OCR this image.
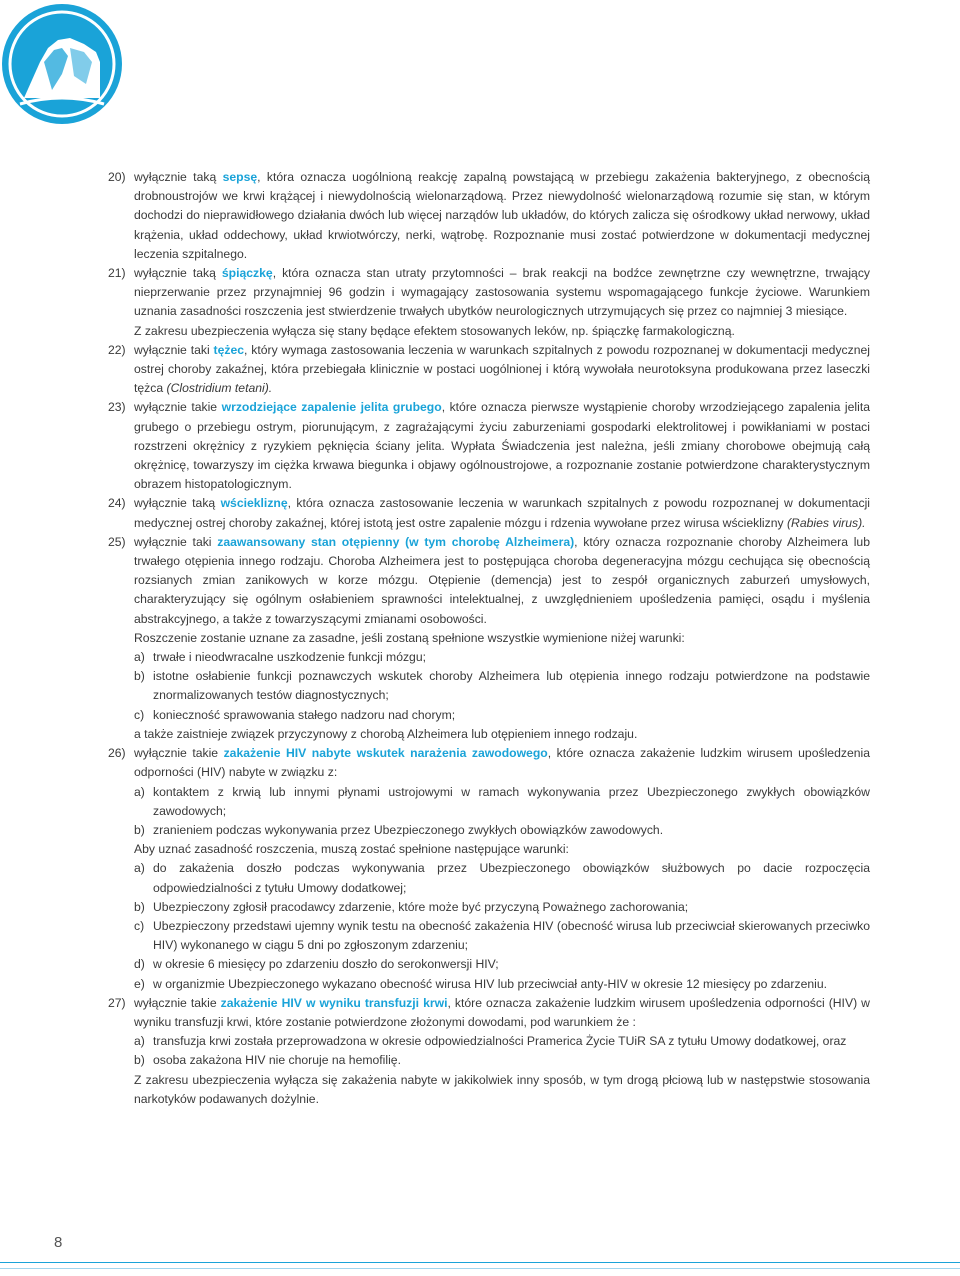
20) wyłącznie taką sepsę, która oznacza uogólnioną reakcję zapalną powstającą w przebiegu zakażenia bakteryjnego, z obecnością drobnoustrojów we krwi krążącej i niewydolnością wielonarządową. Przez niewydolność wielonarządową rozumie się stan, w którym dochodzi do nieprawidłowego działania dwóch lub więcej narządów lub układów, do których zalicza się ośrodkowy układ nerwowy, układ krążenia, układ oddechowy, układ krwiotwórczy, nerki, wątrobę. Rozpoznanie musi zostać potwierdzone w dokumentacji medycznej leczenia szpitalnego.
21) wyłącznie taką śpiączkę, która oznacza stan utraty przytomności – brak reakcji na bodźce zewnętrzne czy wewnętrzne, trwający nieprzerwanie przez przynajmniej 96 godzin i wymagający zastosowania systemu wspomagającego funkcje życiowe. Warunkiem uznania zasadności roszczenia jest stwierdzenie trwałych ubytków neurologicznych utrzymujących się przez co najmniej 3 miesiące.
Z zakresu ubezpieczenia wyłącza się stany będące efektem stosowanych leków, np. śpiączkę farmakologiczną.
22) wyłącznie taki tężec, który wymaga zastosowania leczenia w warunkach szpitalnych z powodu rozpoznanej w dokumentacji medycznej ostrej choroby zakaźnej, która przebiegała klinicznie w postaci uogólnionej i którą wywołała neurotoksyna produkowana przez laseczki tężca (Clostridium tetani).
23) wyłącznie takie wrzodziejące zapalenie jelita grubego, które oznacza pierwsze wystąpienie choroby wrzodziejącego zapalenia jelita grubego o przebiegu ostrym, piorunującym, z zagrażającymi życiu zaburzeniami gospodarki elektrolitowej i powikłaniami w postaci rozstrzeni okrężnicy z ryzykiem pęknięcia ściany jelita. Wypłata Świadczenia jest należna, jeśli zmiany chorobowe obejmują całą okrężnicę, towarzyszy im ciężka krwawa biegunka i objawy ogólnoustrojowe, a rozpoznanie zostanie potwierdzone charakterystycznym obrazem histopatologicznym.
24) wyłącznie taką wściekliznę, która oznacza zastosowanie leczenia w warunkach szpitalnych z powodu rozpoznanej w dokumentacji medycznej ostrej choroby zakaźnej, której istotą jest ostre zapalenie mózgu i rdzenia wywołane przez wirusa wścieklizny (Rabies virus).
25) wyłącznie taki zaawansowany stan otępienny (w tym chorobę Alzheimera), który oznacza rozpoznanie choroby Alzheimera lub trwałego otępienia innego rodzaju. Choroba Alzheimera jest to postępująca choroba degeneracyjna mózgu cechująca się obecnością rozsianych zmian zanikowych w korze mózgu. Otępienie (demencja) jest to zespół organicznych zaburzeń umysłowych, charakteryzujący się ogólnym osłabieniem sprawności intelektualnej, z uwzględnieniem upośledzenia pamięci, osądu i myślenia abstrakcyjnego, a także z towarzyszącymi zmianami osobowości.
Roszczenie zostanie uznane za zasadne, jeśli zostaną spełnione wszystkie wymienione niżej warunki:
a) trwałe i nieodwracalne uszkodzenie funkcji mózgu;
b) istotne osłabienie funkcji poznawczych wskutek choroby Alzheimera lub otępienia innego rodzaju potwierdzone na podstawie znormalizowanych testów diagnostycznych;
c) konieczność sprawowania stałego nadzoru nad chorym;
a także zaistnieje związek przyczynowy z chorobą Alzheimera lub otępieniem innego rodzaju.
26) wyłącznie takie zakażenie HIV nabyte wskutek narażenia zawodowego, które oznacza zakażenie ludzkim wirusem upośledzenia odporności (HIV) nabyte w związku z:
a) kontaktem z krwią lub innymi płynami ustrojowymi w ramach wykonywania przez Ubezpieczonego zwykłych obowiązków zawodowych;
b) zranieniem podczas wykonywania przez Ubezpieczonego zwykłych obowiązków zawodowych.
Aby uznać zasadność roszczenia, muszą zostać spełnione następujące warunki:
a) do zakażenia doszło podczas wykonywania przez Ubezpieczonego obowiązków służbowych po dacie rozpoczęcia odpowiedzialności z tytułu Umowy dodatkowej;
b) Ubezpieczony zgłosił pracodawcy zdarzenie, które może być przyczyną Poważnego zachorowania;
c) Ubezpieczony przedstawi ujemny wynik testu na obecność zakażenia HIV (obecność wirusa lub przeciwciał skierowanych przeciwko HIV) wykonanego w ciągu 5 dni po zgłoszonym zdarzeniu;
d) w okresie 6 miesięcy po zdarzeniu doszło do serokonwersji HIV;
e) w organizmie Ubezpieczonego wykazano obecność wirusa HIV lub przeciwciał anty-HIV w okresie 12 miesięcy po zdarzeniu.
27) wyłącznie takie zakażenie HIV w wyniku transfuzji krwi, które oznacza zakażenie ludzkim wirusem upośledzenia odporności (HIV) w wyniku transfuzji krwi, które zostanie potwierdzone złożonymi dowodami, pod warunkiem że :
a) transfuzja krwi została przeprowadzona w okresie odpowiedzialności Pramerica Życie TUiR SA z tytułu Umowy dodatkowej, oraz
b) osoba zakażona HIV nie choruje na hemofilię.
Z zakresu ubezpieczenia wyłącza się zakażenia nabyte w jakikolwiek inny sposób, w tym drogą płciową lub w następstwie stosowania narkotyków podawanych dożylnie.
8
